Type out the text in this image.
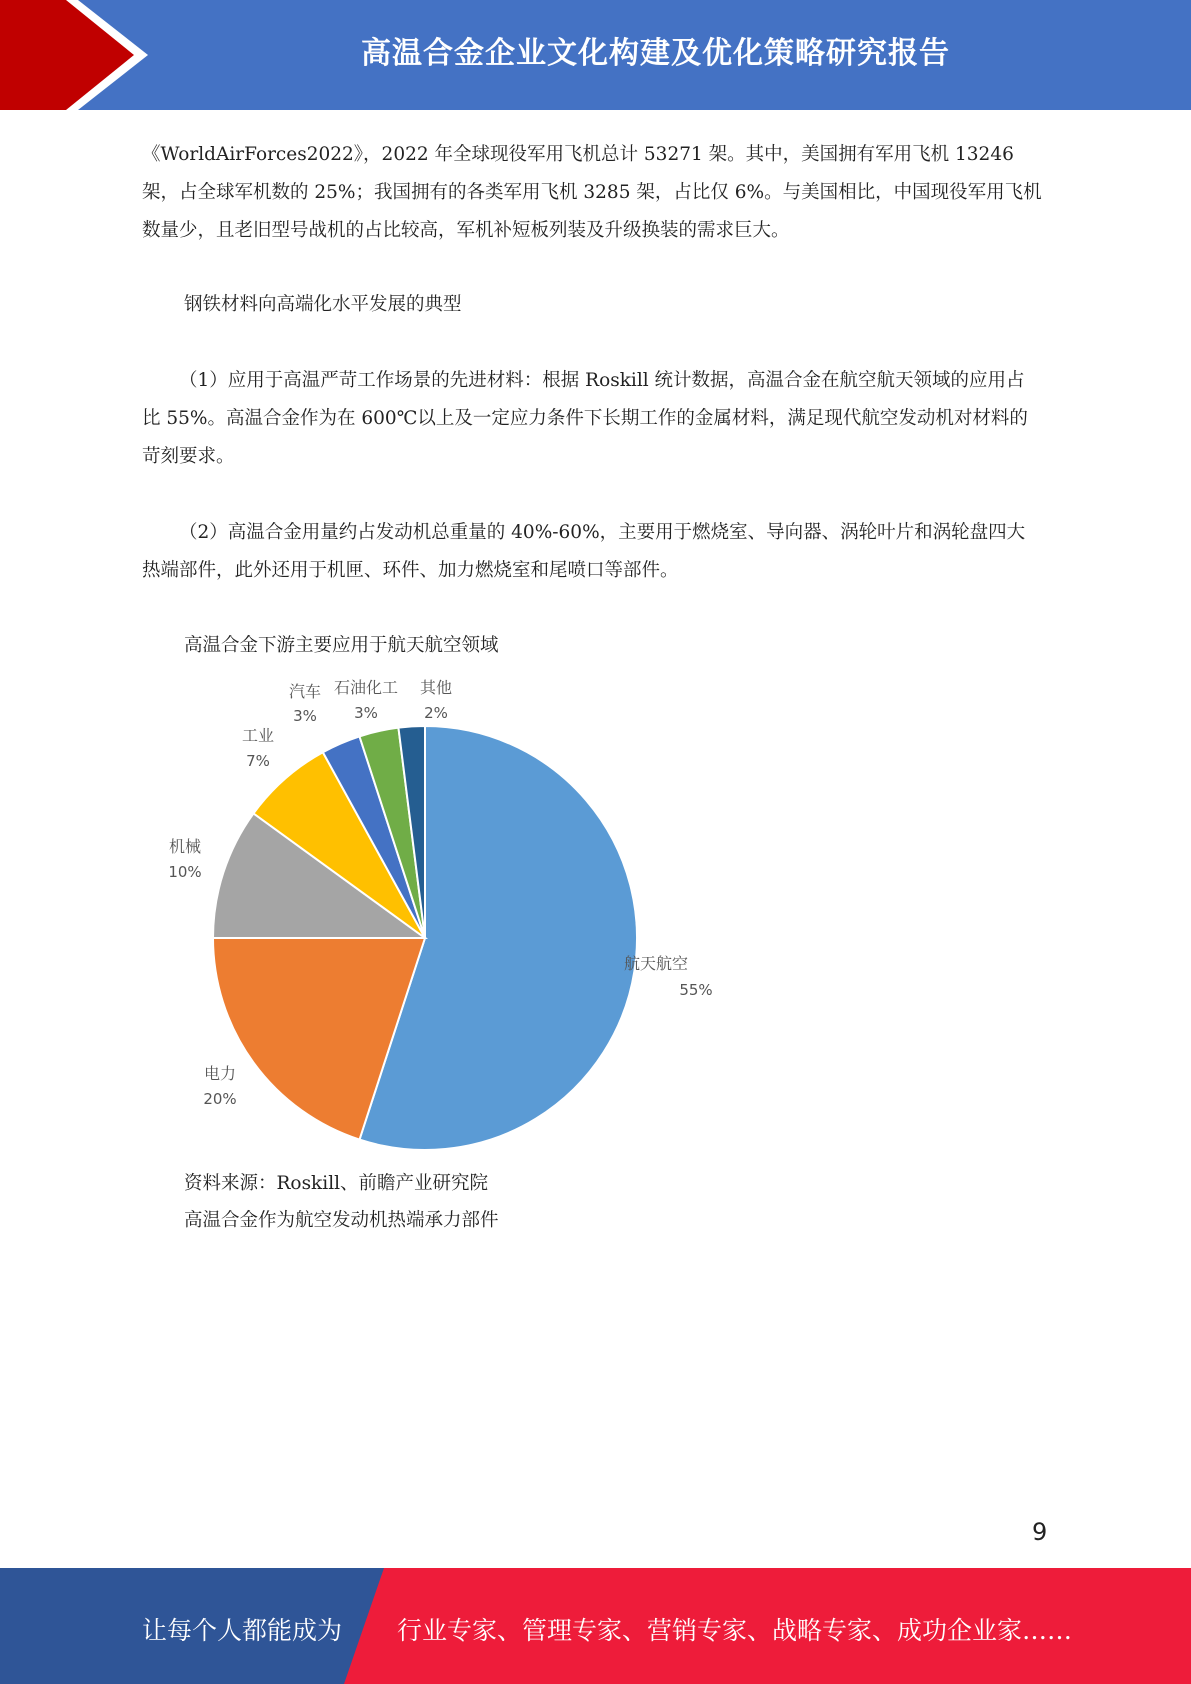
高温合金企业文化构建及优化策略研究报告

《WorldAirForces2022》，2022 年全球现役军用飞机总计 53271 架。其中，美国拥有军用飞机 13246 架，占全球军机数的 25%；我国拥有的各类军用飞机 3285 架，占比仅 6%。与美国相比，中国现役军用飞机数量少，且老旧型号战机的占比较高，军机补短板列装及升级换装的需求巨大。

钢铁材料向高端化水平发展的典型

（1）应用于高温严苛工作场景的先进材料：根据 Roskill 统计数据，高温合金在航空航天领域的应用占比 55%。高温合金作为在 600℃以上及一定应力条件下长期工作的金属材料，满足现代航空发动机对材料的苛刻要求。

（2）高温合金用量约占发动机总重量的 40%-60%，主要用于燃烧室、导向器、涡轮叶片和涡轮盘四大热端部件，此外还用于机匣、环件、加力燃烧室和尾喷口等部件。

高温合金下游主要应用于航天航空领域

航天航空
55%
电力
20%
机械
10%
工业
7%
汽车
3%
石油化工
3%
其他
2%

资料来源：Roskill、前瞻产业研究院

高温合金作为航空发动机热端承力部件

9
让每个人都能成为 行业专家、管理专家、营销专家、战略专家、成功企业家……
